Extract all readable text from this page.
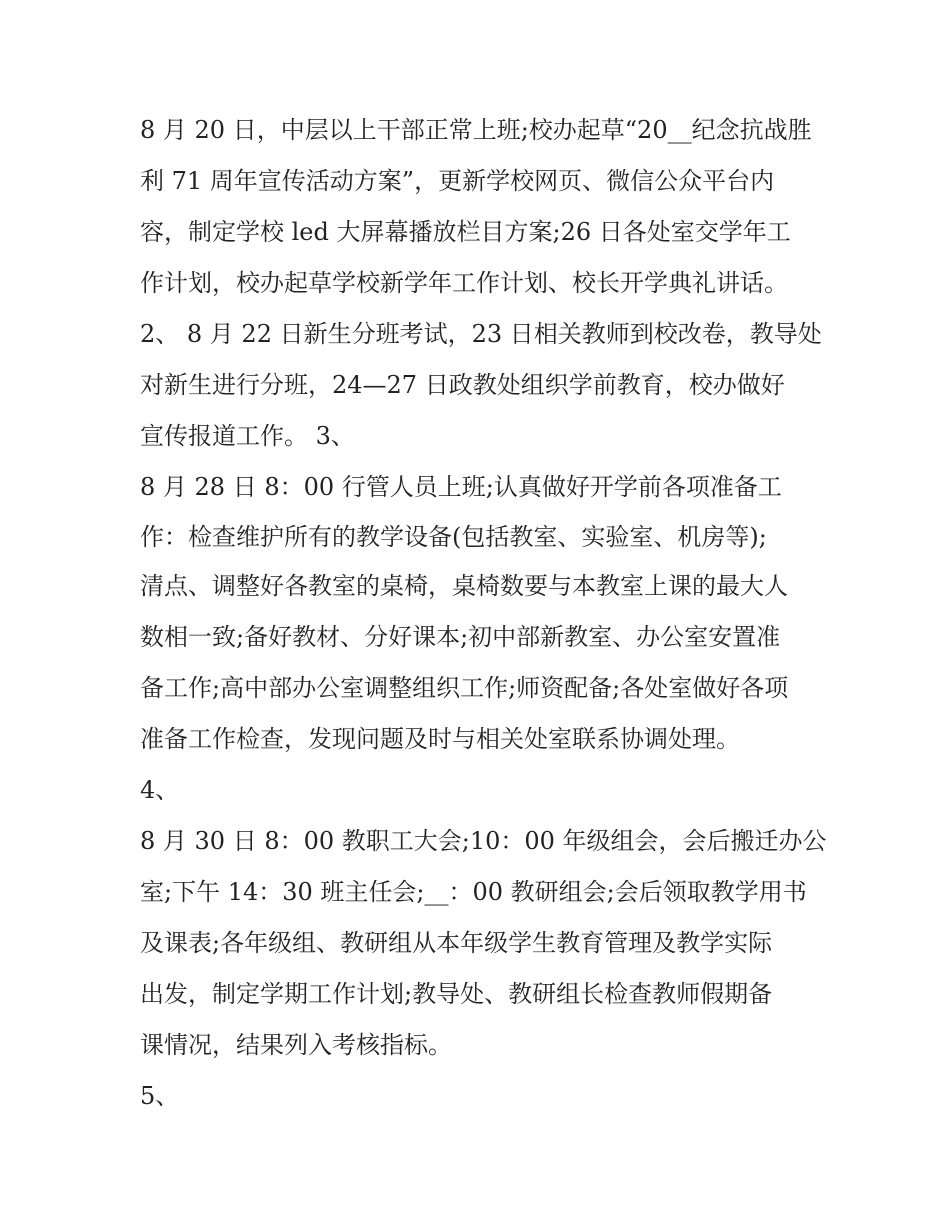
8 月 20 日，中层以上干部正常上班;校办起草“20__纪念抗战胜
利 71 周年宣传活动方案”，更新学校网页、微信公众平台内
容，制定学校 led 大屏幕播放栏目方案;26 日各处室交学年工
作计划，校办起草学校新学年工作计划、校长开学典礼讲话。
2、 8 月 22 日新生分班考试，23 日相关教师到校改卷，教导处
对新生进行分班，24—27 日政教处组织学前教育，校办做好
宣传报道工作。 3、
8 月 28 日 8：00 行管人员上班;认真做好开学前各项准备工
作：检查维护所有的教学设备(包括教室、实验室、机房等);
清点、调整好各教室的桌椅，桌椅数要与本教室上课的最大人
数相一致;备好教材、分好课本;初中部新教室、办公室安置准
备工作;高中部办公室调整组织工作;师资配备;各处室做好各项
准备工作检查，发现问题及时与相关处室联系协调处理。
4、
8 月 30 日 8：00 教职工大会;10：00 年级组会，会后搬迁办公
室;下午 14：30 班主任会;__：00 教研组会;会后领取教学用书
及课表;各年级组、教研组从本年级学生教育管理及教学实际
出发，制定学期工作计划;教导处、教研组长检查教师假期备
课情况，结果列入考核指标。
5、
